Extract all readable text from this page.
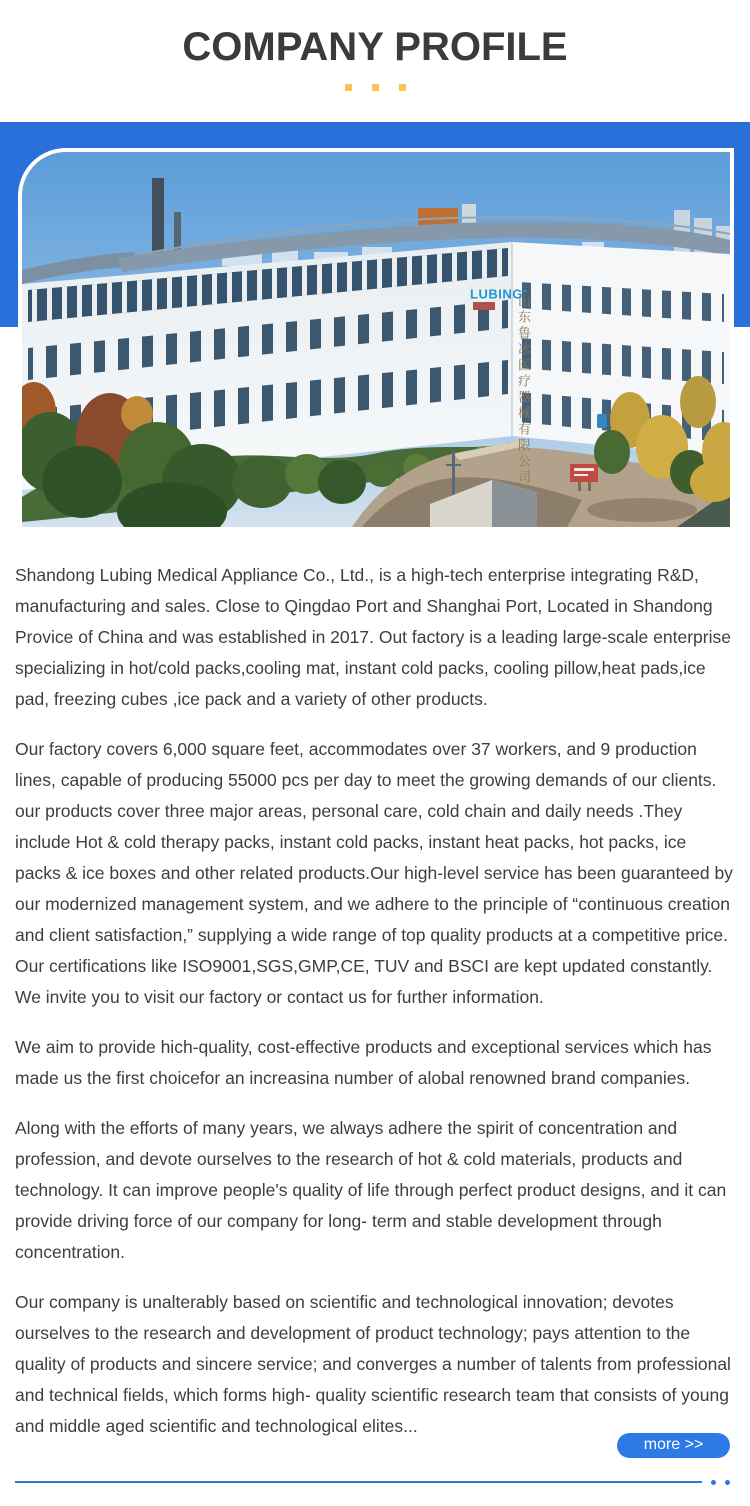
COMPANY PROFILE
LUBING●
山东鲁冰医疗器械有限公司

Shandong Lubing Medical Appliance Co., Ltd., is a high-tech enterprise integrating R&D, manufacturing and sales. Close to Qingdao Port and Shanghai Port, Located in Shandong Provice of China and was established in 2017. Out factory is a leading large-scale enterprise specializing in hot/cold packs,cooling mat, instant cold packs, cooling pillow,heat pads,ice pad, freezing cubes ,ice pack and a variety of other products.

Our factory covers 6,000 square feet, accommodates over 37 workers, and 9 production lines, capable of producing 55000 pcs per day to meet the growing demands of our clients. our products cover three major areas, personal care, cold chain and daily needs .They include Hot & cold therapy packs, instant cold packs, instant heat packs, hot packs, ice packs & ice boxes and other related products.Our high-level service has been guaranteed by our modernized management system, and we adhere to the principle of “continuous creation and client satisfaction,” supplying a wide range of top quality products at a competitive price. Our certifications like ISO9001,SGS,GMP,CE, TUV and BSCI are kept updated constantly. We invite you to visit our factory or contact us for further information.

We aim to provide hich-quality, cost-effective products and exceptional services which has made us the first choicefor an increasina number of alobal renowned brand companies.

Along with the efforts of many years, we always adhere the spirit of concentration and profession, and devote ourselves to the research of hot & cold materials, products and technology. It can improve people's quality of life through perfect product designs, and it can provide driving force of our company for long- term and stable development through concentration.

Our company is unalterably based on scientific and technological innovation; devotes ourselves to the research and development of product technology; pays attention to the quality of products and sincere service; and converges a number of talents from professional and technical fields, which forms high- quality scientific research team that consists of young and middle aged scientific and technological elites...

more >>
